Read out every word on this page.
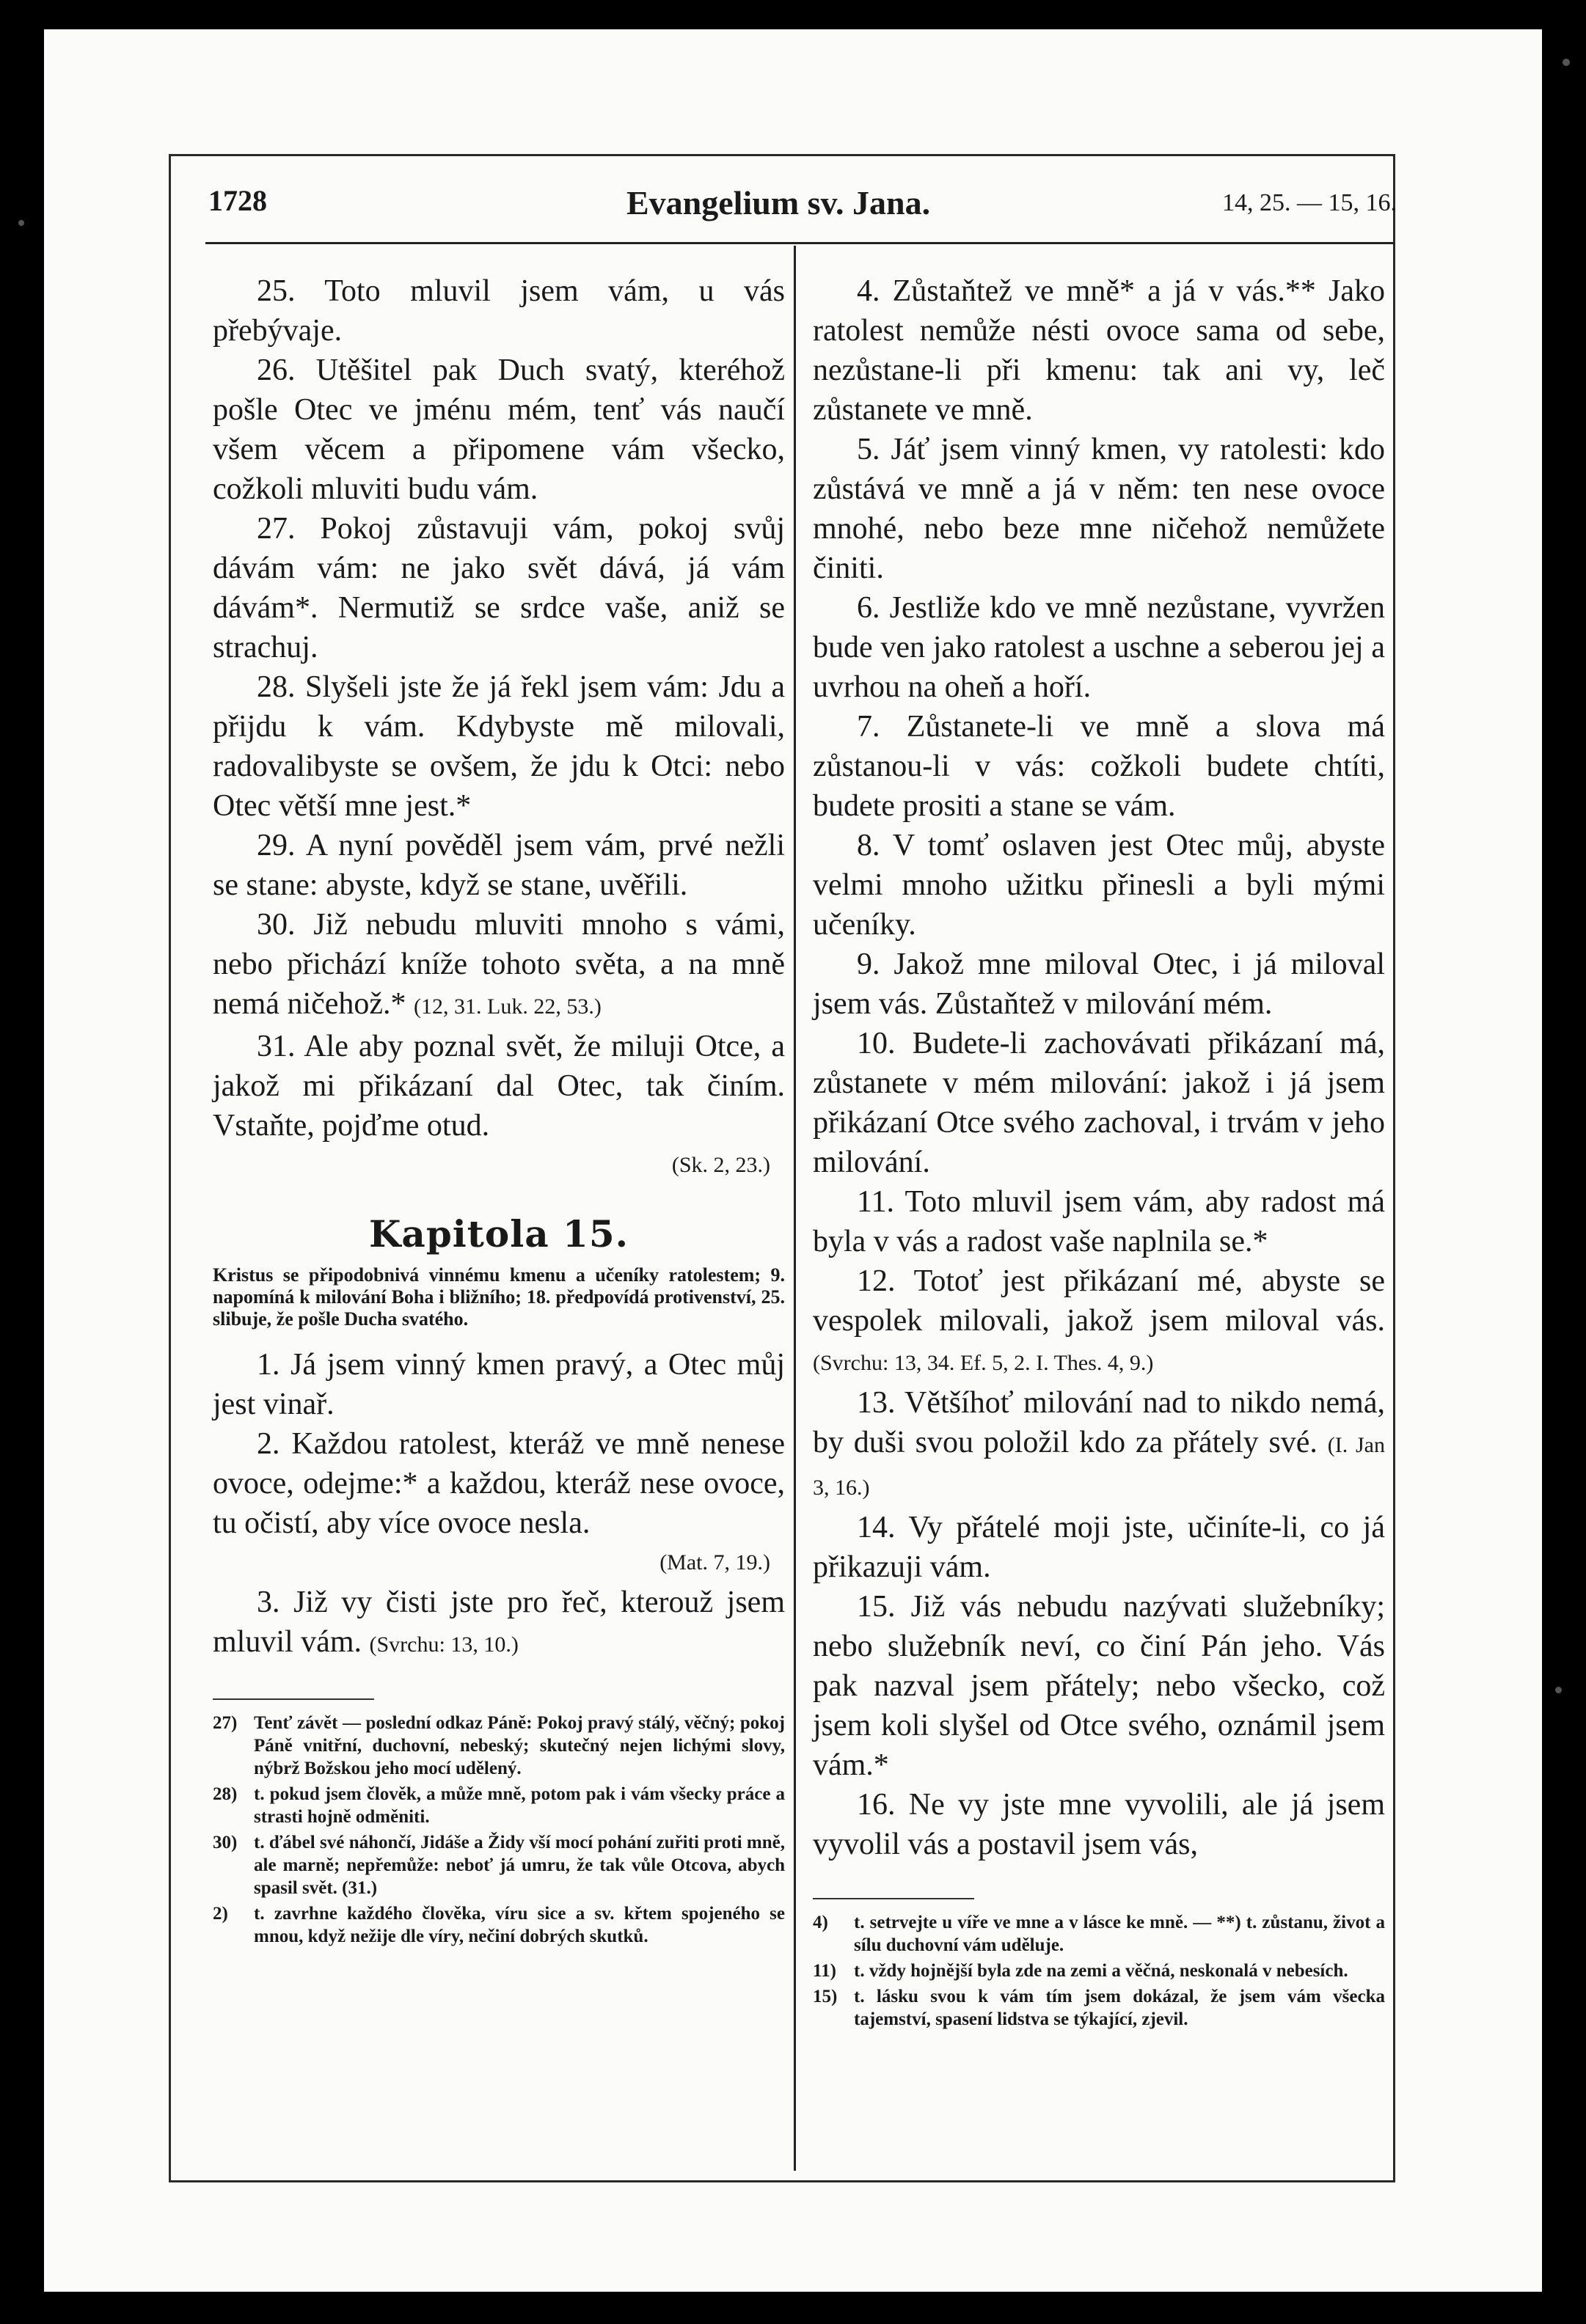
1728	Evangelium sv. Jana.	14, 25. — 15, 16.

25. Toto mluvil jsem vám, u vás přebývaje.

26. Utěšitel pak Duch svatý, kteréhož pošle Otec ve jménu mém, tenť vás naučí všem věcem a připomene vám všecko, cožkoli mluviti budu vám.

27. Pokoj zůstavuji vám, pokoj svůj dávám vám: ne jako svět dává, já vám dávám*. Nermutiž se srdce vaše, aniž se strachuj.

28. Slyšeli jste že já řekl jsem vám: Jdu a přijdu k vám. Kdybyste mě milovali, radovalibyste se ovšem, že jdu k Otci: nebo Otec větší mne jest.*

29. A nyní pověděl jsem vám, prvé nežli se stane: abyste, když se stane, uvěřili.

30. Již nebudu mluviti mnoho s vámi, nebo přichází kníže tohoto světa, a na mně nemá ničehož.* (12, 31. Luk. 22, 53.)

31. Ale aby poznal svět, že miluji Otce, a jakož mi přikázaní dal Otec, tak činím. Vstaňte, pojďme otud.

(Sk. 2, 23.)
Kapitola 15.
Kristus se připodobnivá vinnému kmenu a učeníky ratolestem; 9. napomíná k milování Boha i bližního; 18. předpovídá protivenství, 25. slibuje, že pošle Ducha svatého.

1. Já jsem vinný kmen pravý, a Otec můj jest vinař.

2. Každou ratolest, kteráž ve mně nenese ovoce, odejme:* a každou, kteráž nese ovoce, tu očistí, aby více ovoce nesla.

(Mat. 7, 19.)

3. Již vy čisti jste pro řeč, kterouž jsem mluvil vám. (Svrchu: 13, 10.)

27) Tenť závět — poslední odkaz Páně: Pokoj pravý stálý, věčný; pokoj Páně vnitřní, duchovní, nebeský; skutečný nejen lichými slovy, nýbrž Božskou jeho mocí udělený.
28) t. pokud jsem člověk, a může mně, potom pak i vám všecky práce a strasti hojně odměniti.
30) t. ďábel své náhončí, Jidáše a Židy vší mocí pohání zuřiti proti mně, ale marně; nepřemůže: neboť já umru, že tak vůle Otcova, abych spasil svět. (31.)
2)	t. zavrhne každého člověka, víru sice a sv. křtem spojeného se mnou, když nežije dle víry, nečiní dobrých skutků.

4. Zůstaňtež ve mně* a já v vás.** Jako ratolest nemůže nésti ovoce sama od sebe, nezůstane-li při kmenu: tak ani vy, leč zůstanete ve mně.

5. Jáť jsem vinný kmen, vy ratolesti: kdo zůstává ve mně a já v něm: ten nese ovoce mnohé, nebo beze mne ničehož nemůžete činiti.

6. Jestliže kdo ve mně nezůstane, vyvržen bude ven jako ratolest a uschne a seberou jej a uvrhou na oheň a hoří.

7. Zůstanete-li ve mně a slova má zůstanou-li v vás: cožkoli budete chtíti, budete prositi a stane se vám.

8. V tomť oslaven jest Otec můj, abyste velmi mnoho užitku přinesli a byli mými učeníky.

9. Jakož mne miloval Otec, i já miloval jsem vás. Zůstaňtež v milování mém.

10. Budete-li zachovávati přikázaní má, zůstanete v mém milování: jakož i já jsem přikázaní Otce svého zachoval, i trvám v jeho milování.

11. Toto mluvil jsem vám, aby radost má byla v vás a radost vaše naplnila se.*

12. Totoť jest přikázaní mé, abyste se vespolek milovali, jakož jsem miloval vás. (Svrchu: 13, 34. Ef. 5, 2. I. Thes. 4, 9.)

13. Většíhoť milování nad to nikdo nemá, by duši svou položil kdo za přátely své. (I. Jan 3, 16.)

14. Vy přátelé moji jste, učiníte-li, co já přikazuji vám.

15. Již vás nebudu nazývati služebníky; nebo služebník neví, co činí Pán jeho. Vás pak nazval jsem přátely; nebo všecko, což jsem koli slyšel od Otce svého, oznámil jsem vám.*

16. Ne vy jste mne vyvolili, ale já jsem vyvolil vás a postavil jsem vás,

4)	t. setrvejte u víře ve mne a v lásce ke mně. — **) t. zůstanu, život a sílu duchovní vám uděluje.
11) t. vždy hojnější byla zde na zemi a věčná, neskonalá v nebesích.
15) t. lásku svou k vám tím jsem dokázal, že jsem vám všecka tajemství, spasení lidstva se týkající, zjevil.
